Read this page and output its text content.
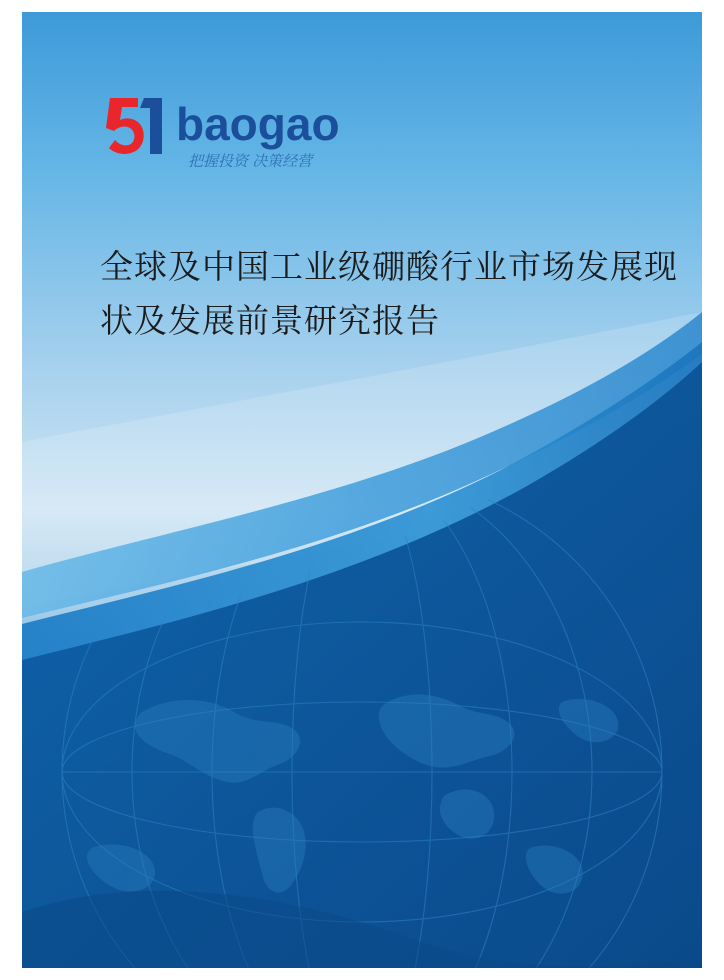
baogao
把握投资 决策经营
全球及中国工业级硼酸行业市场发展现状及发展前景研究报告
